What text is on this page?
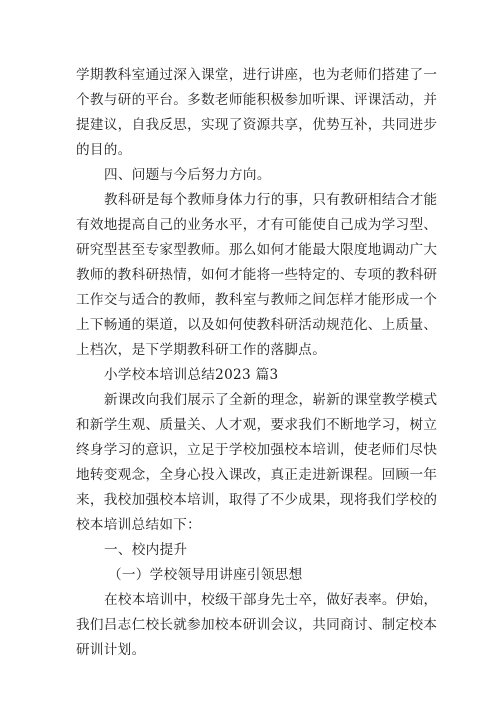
学期教科室通过深入课堂，进行讲座，也为老师们搭建了一
个教与研的平台。多数老师能积极参加听课、评课活动，并
提建议，自我反思，实现了资源共享，优势互补，共同进步
的目的。
四、问题与今后努力方向。
教科研是每个教师身体力行的事，只有教研相结合才能
有效地提高自己的业务水平，才有可能使自己成为学习型、
研究型甚至专家型教师。那么如何才能最大限度地调动广大
教师的教科研热情，如何才能将一些特定的、专项的教科研
工作交与适合的教师，教科室与教师之间怎样才能形成一个
上下畅通的渠道，以及如何使教科研活动规范化、上质量、
上档次，是下学期教科研工作的落脚点。
小学校本培训总结2023 篇3
新课改向我们展示了全新的理念，崭新的课堂教学模式
和新学生观、质量关、人才观，要求我们不断地学习，树立
终身学习的意识，立足于学校加强校本培训，使老师们尽快
地转变观念，全身心投入课改，真正走进新课程。回顾一年
来，我校加强校本培训，取得了不少成果，现将我们学校的
校本培训总结如下：
一、校内提升
（一）学校领导用讲座引领思想
在校本培训中，校级干部身先士卒，做好表率。伊始，
我们吕志仁校长就参加校本研训会议，共同商讨、制定校本
研训计划。
